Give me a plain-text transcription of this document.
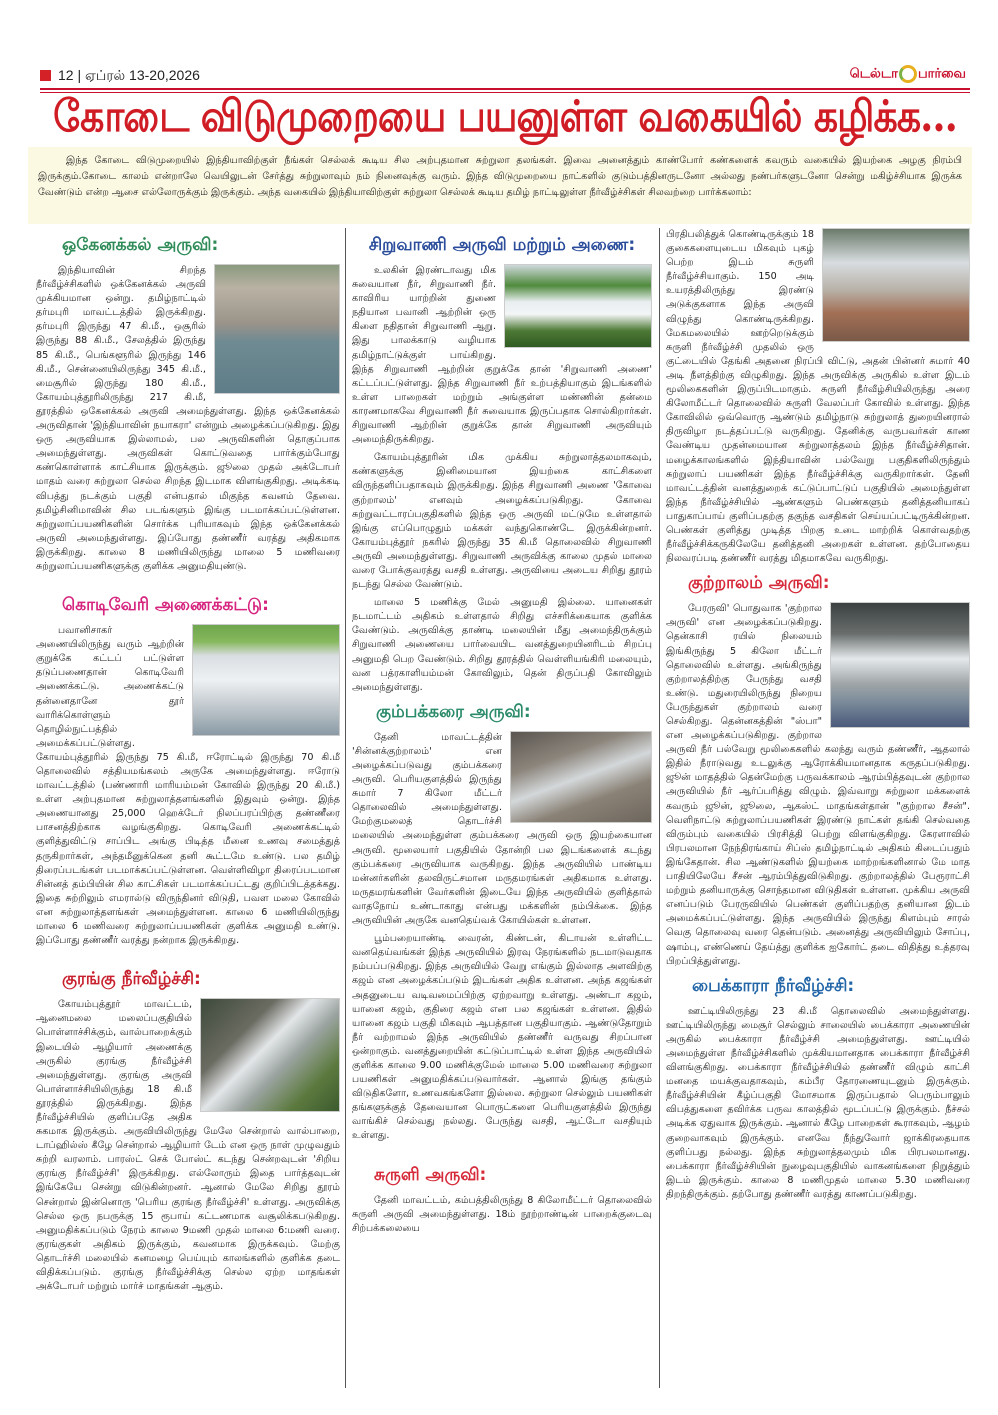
12 | ஏப்ரல் 13-20,2026	டெல்டா பார்வை
கோடை விடுமுறையை பயனுள்ள வகையில் கழிக்க...

இந்த கோடை விடுமுறையில் இந்தியாவிற்குள் நீங்கள் செல்லக் கூடிய சில அற்புதமான சுற்றுலா தலங்கள். இவை அனைத்தும் காண்போர் கண்களைக் கவரும் வகையில் இயற்கை அழகு நிரம்பி இருக்கும்.கோடை காலம் என்றாலே வெயிலுடன் சேர்த்து சுற்றுலாவும் நம் நினைவுக்கு வரும். இந்த விடுமுறையை நாட்களில் குடும்பத்தினருடனோ அல்லது நண்பர்களுடனோ சென்று மகிழ்ச்சியாக இருக்க வேண்டும் என்ற ஆசை எல்லோருக்கும் இருக்கும். அந்த வகையில் இந்தியாவிற்குள் சுற்றுலா செல்லக் கூடிய தமிழ் நாட்டிலுள்ள நீர்வீழ்ச்சிகள் சிலவற்றை பார்க்கலாம்:

ஒகேனக்கல் அருவி:

இந்தியாவின் சிறந்த நீர்வீழ்ச்சிகளில் ஒக்கேனக்கல் அருவி முக்கியமான ஒன்று. தமிழ்நாட்டில் தர்மபுரி மாவட்டத்தில் இருக்கிறது. தர்மபுரி இருந்து 47 கி.மீ., ஒசூரில் இருந்து 88 கி.மீ., சேலத்தில் இருந்து 85 கி.மீ., பெங்களூரில் இருந்து 146 கி.மீ., சென்னையிலிருந்து 345 கி.மீ., மைசூரில் இருந்து 180 கி.மீ., கோயம்புத்தூரிலிருந்து 217 கி.மீ, தூரத்தில் ஒகேனக்கல் அருவி அமைந்துள்ளது. இந்த ஒக்கேனக்கல் அருவிதான் 'இந்தியாவின் நயாகரா' என்றும் அழைக்கப்படுகிறது. இது ஒரு அருவியாக இல்லாமல், பல அருவிகளின் தொகுப்பாக அமைந்துள்ளது. அருவிகள் கொட்டுவதை பார்க்கும்போது கண்கொள்ளாக் காட்சியாக இருக்கும். ஜூலை முதல் அக்டோபர் மாதம் வரை சுற்றுலா செல்ல சிறந்த இடமாக விளங்குகிறது. அடிக்கடி விபத்து நடக்கும் பகுதி என்பதால் மிகுந்த கவனம் தேவை. தமிழ்சினிமாவின் சில படங்களும் இங்கு படமாக்கப்பட்டுள்ளன. சுற்றுலாப்பயணிகளின் சொர்க்க புரியாகவும் இந்த ஒக்கேனக்கல் அருவி அமைந்துள்ளது. இப்போது தண்ணீர் வரத்து அதிகமாக இருக்கிறது. காலை 8 மணியிலிருந்து மாலை 5 மணிவரை சுற்றுலாப்பயணிகளுக்கு குளிக்க அனுமதியுண்டு.

கொடிவேரி அணைக்கட்டு:

பவானிசாகர் அணையிலிருந்து வரும் ஆற்றின் குறுக்கே கட்டப் பட்டுள்ள தடுப்பணைதான் கொடிவேரி அணைக்கட்டு. அணைக்கட்டு தன்னைதானே தூர் வாரிக்கொள்ளும் தொழில்நுட்பத்தில் அமைக்கப்பட்டுள்ளது. கோயம்புத்தூரில் இருந்து 75 கி.மீ, ஈரோட்டில் இருந்து 70 கி.மீ தொலைவில் சத்தியமங்கலம் அருகே அமைந்துள்ளது. ஈரோடு மாவட்டத்தில் (பண்ணாரி மாரியம்மன் கோவில் இருந்து 20 கி.மீ.) உள்ள அற்புதமான சுற்றுலாத்தளங்களில் இதுவும் ஒன்று. இந்த அணையானது 25,000 ஹெக்டேர் நிலப்பரப்பிற்கு தண்ணீரை பாசனத்திற்காக வழங்குகிறது. கொடிவேரி அணைக்கட்டில் குளித்துவிட்டு சாப்பிட அங்கு பிடித்த மீனை உணவு சமைத்துத் தருகிறார்கள், அந்தமீனுக்கென தனி கூட்டமே உண்டு. பல தமிழ் திரைப்படங்கள் படமாக்கப்பட்டுள்ளன. வெள்ளிவிழா திரைப்படமான சின்னத் தம்பியின் சில காட்சிகள் படமாக்கப்பட்டது குறிப்பிடத்தக்கது. இதை சுற்றிலும் எமரால்டு விருந்தினர் விடுதி, பவள மலை கோவில் என சுற்றுலாத்தளங்கள் அமைந்துள்ளன. காலை 6 மணியிலிருந்து மாலை 6 மணிவரை சுற்றுலாப்பயணிகள் குளிக்க அனுமதி உண்டு. இப்போது தண்ணீர் வரத்து நன்றாக இருக்கிறது.

குரங்கு நீர்வீழ்ச்சி:

கோயம்புத்தூர் மாவட்டம், ஆனைமலை மலைப்பகுதியில் பொள்ளாச்சிக்கும், வால்பாறைக்கும் இடையில் ஆழியார் அணைக்கு அருகில் குரங்கு நீர்வீழ்ச்சி அமைந்துள்ளது. குரங்கு அருவி பொள்ளாச்சியிலிருந்து 18 கி.மீ தூரத்தில் இருக்கிறது. இந்த நீர்வீழ்ச்சியில் குளிப்பதே அதிக சுகமாக இருக்கும். அருவியிலிருந்து மேலே சென்றால் வால்பாறை, டாப்ஹில்ஸ் கீழே சென்றால் ஆழியார் டேம் என ஒரு நாள் முழுவதும் சுற்றி வரலாம். பாரஸ்ட் செக் போஸ்ட் கடந்து சென்றவுடன் 'சிறிய குரங்கு நீர்வீழ்ச்சி' இருக்கிறது. எல்லோரும் இதை பார்த்தவுடன் இங்கேயே சென்று விடுகின்றனர். ஆனால் மேலே சிறிது தூரம் சென்றால் இன்னொரு 'பெரிய குரங்கு நீர்வீழ்ச்சி' உள்ளது. அருவிக்கு செல்ல ஒரு நபருக்கு 15 ரூபாய் கட்டணமாக வசூலிக்கபடுகிறது. அனுமதிக்கப்படும் நேரம் காலை 9மணி முதல் மாலை 6:மணி வரை. குரங்குகள் அதிகம் இருக்கும், கவனமாக இருக்கவும். மேற்கு தொடர்ச்சி மலையில் கனமழை பெய்யும் காலங்களில் குளிக்க தடை விதிக்கப்படும். குரங்கு நீர்வீழ்ச்சிக்கு செல்ல ஏற்ற மாதங்கள் அக்டோபர் மற்றும் மார்ச் மாதங்கள் ஆகும்.

சிறுவாணி அருவி மற்றும் அணை:

உலகின் இரண்டாவது மிக சுவையான நீர், சிறுவாணி நீர். காவிரிய யாற்றின் துணை நதியான பவானி ஆற்றின் ஒரு கிளை நதிதான் சிறுவாணி ஆறு. இது பாலக்காடு வழியாக தமிழ்நாட்டுக்குள் பாய்கிறது. இந்த சிறுவாணி ஆற்றின் குறுக்கே தான் 'சிறுவாணி அணை' கட்டப்பட்டுள்ளது. இந்த சிறுவாணி நீர் உற்பத்தியாகும் இடங்களில் உள்ள பாறைகள் மற்றும் அங்குள்ள மண்ணின் தன்மை காரணமாகவே சிறுவாணி நீர் சுவையாக இருப்பதாக சொல்கிறார்கள். சிறுவாணி ஆற்றின் குறுக்கே தான் சிறுவாணி அருவியும் அமைந்திருக்கிறது.

கோயம்புத்தூரின் மிக முக்கிய சுற்றுலாத்தலமாகவும், கண்களுக்கு இனிமையான இயற்கை காட்சிகளை விருந்தளிப்பதாகவும் இருக்கிறது. இந்த சிறுவாணி அணை 'கோவை குற்றாலம்' எனவும் அழைக்கப்படுகிறது. கோவை சுற்றுவட்டாரப்பகுதிகளில் இந்த ஒரு அருவி மட்டுமே உள்ளதால் இங்கு எப்பொழுதும் மக்கள் வந்துகொண்டே இருக்கின்றனர். கோயம்புத்தூர் நகரில் இருந்து 35 கி.மீ தொலைவில் சிறுவாணி அருவி அமைந்துள்ளது. சிறுவாணி அருவிக்கு காலை முதல் மாலை வரை போக்குவரத்து வசதி உள்ளது. அருவியை அடைய சிறிது தூரம் நடந்து செல்ல வேண்டும்.

மாலை 5 மணிக்கு மேல் அனுமதி இல்லை. யானைகள் நடமாட்டம் அதிகம் உள்ளதால் சிறிது எச்சரிக்கையாக குளிக்க வேண்டும். அருவிக்கு தாண்டி மலையின் மீது அமைந்திருக்கும் சிறுவாணி அணையை பார்வையிட வனத்துறையினரிடம் சிறப்பு அனுமதி பெற வேண்டும். சிறிது தூரத்தில் வெள்ளியங்கிரி மலையும், வன பத்ரகாளியம்மன் கோவிலும், தென் திருப்பதி கோவிலும் அமைந்துள்ளது.

கும்பக்கரை அருவி:

தேனி மாவட்டத்தின் 'சின்னக்குற்றாலம்' என அழைக்கப்படுவது கும்பக்கரை அருவி. பெரியகுளத்தில் இருந்து சுமார் 7 கிலோ மீட்டர் தொலைவில் அமைந்துள்ளது. மேற்குமலைத் தொடர்ச்சி மலையில் அமைந்துள்ள கும்பக்கரை அருவி ஒரு இயற்கையான அருவி. மூலையார் பகுதியில் தோன்றி பல இடங்களைக் கடந்து கும்பக்கரை அருவியாக வருகிறது. இந்த அருவியில் பாண்டிய மன்னர்களின் தலவிருட்சமான மருதமரங்கள் அதிகமாக உள்ளது. மருதமரங்களின் வேர்களின் இடையே இந்த அருவியில் குளித்தால் வாதநோய் உண்டாகாது என்பது மக்களின் நம்பிக்கை. இந்த அருவியின் அருகே வனதெய்வக் கோயில்கள் உள்ளன.

பூம்பறையாண்டி வைரன், கிண்டன், கிடாயன் உள்ளிட்ட வனதெய்வங்கள் இந்த அருவியில் இரவு நேரங்களில் நடமாடுவதாக நம்பப்படுகிறது. இந்த அருவியில் வேறு எங்கும் இல்லாத அளவிற்கு கஜம் என அழைக்கப்படும் இடங்கள் அதிக உள்ளன. அந்த கஜங்கள் அதனுடைய வடிவமைப்பிற்கு ஏற்றவாறு உள்ளது. அண்டா கஜம், யானை கஜம், குதிரை கஜம் என பல கஜங்கள் உள்ளன. இதில் யானை கஜம் பகுதி மிகவும் ஆபத்தான பகுதியாகும். ஆண்டுதோறும் நீர் வற்றாமல் இந்த அருவியில் தண்ணீர் வருவது சிறப்பான ஒன்றாகும். வனத்துறையின் கட்டுப்பாட்டில் உள்ள இந்த அருவியில் குளிக்க காலை 9.00 மணிக்குமேல் மாலை 5.00 மணிவரை சுற்றுலா பயணிகள் அனுமதிக்கப்படுவார்கள். ஆனால் இங்கு தங்கும் விடுதிகளோ, உணவகங்களோ இல்லை. சுற்றுலா செல்லும் பயணிகள் தங்களுக்குத் தேவையான பொருட்களை பெரியகுளத்தில் இருந்து வாங்கிச் செல்வது நல்லது. பேருந்து வசதி, ஆட்டோ வசதியும் உள்ளது.

சுருளி அருவி:

தேனி மாவட்டம், கம்பத்திலிருந்து 8 கிலோமீட்டர் தொலைவில் சுருளி அருவி அமைந்துள்ளது. 18ம் நூற்றாண்டின் பாறைக்குடைவு சிற்பக்கலையை

பிரதிபலித்துக் கொண்டிருக்கும் 18 குகைகளையுடைய மிகவும் புகழ் பெற்ற இடம் சுருளி நீர்வீழ்ச்சியாகும். 150 அடி உயரத்திலிருந்து இரண்டு அடுக்குகளாக இந்த அருவி விழுந்து கொண்டிருக்கிறது. மேகமலையில் ஊற்றெடுக்கும் சுருளி நீர்வீழ்ச்சி முதலில் ஒரு குட்டையில் தேங்கி அதனை நிரப்பி விட்டு, அதன் பின்னர் சுமார் 40 அடி நீளத்திற்கு விழுகிறது. இந்த அருவிக்கு அருகில் உள்ள இடம் மூலிகைகளின் இருப்பிடமாகும். சுருளி நீர்வீழ்சியிலிருந்து அரை கிலோமீட்டர் தொலைவில் சுருளி வேலப்பர் கோவில் உள்ளது. இந்த கோவிலில் ஒவ்வொரு ஆண்டும் தமிழ்நாடு சுற்றுலாத் துறையினரால் திருவிழா நடத்தப்பட்டு வருகிறது. தேனிக்கு வருபவர்கள் காண வேண்டிய முதன்மையான சுற்றுலாத்தலம் இந்த நீர்வீழ்ச்சிதான். மழைக்காலங்களில் இந்தியாவின் பல்வேறு பகுதிகளிலிருந்தும் சுற்றுலாப் பயணிகள் இந்த நீர்வீழ்ச்சிக்கு வருகிறார்கள். தேனி மாவட்டத்தின் வனத்துறைக் கட்டுப்பாட்டுப் பகுதியில் அமைந்துள்ள இந்த நீர்வீழ்ச்சியில் ஆண்களும் பெண்களும் தனித்தனியாகப் பாதுகாப்பாய் குளிப்பதற்கு தகுந்த வசதிகள் செய்யப்பட்டிருக்கின்றன. பெண்கள் குளித்து முடித்த பிறகு உடை மாற்றிக் கொள்வதற்கு நீர்வீழ்ச்சிக்கருகிலேயே தனித்தனி அறைகள் உள்ளன. தற்போதைய நிலவரப்படி தண்ணீர் வரத்து மிதமாகவே வருகிறது.

குற்றாலம் அருவி:

பேரருவி' பொதுவாக 'குற்றால அருவி' என அழைக்கப்படுகிறது. தென்காசி ரயில் நிலையம் இங்கிருந்து 5 கிலோ மீட்டர் தொலைவில் உள்ளது. அங்கிருந்து குற்றாலத்திற்கு பேருந்து வசதி உண்டு. மதுரையிலிருந்து நிறைய பேருந்துகள் குற்றாலம் வரை செல்கிறது. தென்னகத்தின் "ஸ்பா" என அழைக்கப்படுகிறது. குற்றால அருவி நீர் பல்வேறு மூலிகைகளில் கலந்து வரும் தண்ணீர், ஆதலால் இதில் நீராடுவது உடலுக்கு ஆரோக்கியமானதாக கருதப்படுகிறது. ஜூன் மாதத்தில் தென்மேற்கு பருவக்காலம் ஆரம்பித்தவுடன் குற்றால அருவியில் நீர் ஆர்ப்பரித்து விழும். இவ்வாறு சுற்றுலா மக்களைக் கவரும் ஜூன், ஜூலை, ஆகஸ்ட் மாதங்கள்தான் "குற்றால சீசன்". வெளிநாட்டு சுற்றுலாப்பயணிகள் இரண்டு நாட்கள் தங்கி செல்வதை விரும்பும் வகையில் பிரசித்தி பெற்று விளங்குகிறது. கேரளாவில் பிரபலமான நேந்திரங்காய் சிப்ஸ் தமிழ்நாட்டில் அதிகம் கிடைப்பதும் இங்கேதான். சில ஆண்டுகளில் இயற்கை மாற்றங்களினால் மே மாத பாதியிலேயே சீசன் ஆரம்பித்துவிடுகிறது. குற்றாலத்தில் பேரூராட்சி மற்றும் தனியாருக்கு சொந்தமான விடுதிகள் உள்ளன. முக்கிய அருவி எனப்படும் பேரருவியில் பெண்கள் குளிப்பதற்கு தனியான இடம் அமைக்கப்பட்டுள்ளது. இந்த அருவியில் இருந்து கிளம்பும் சாரல் வெகு தொலைவு வரை தென்படும். அனைத்து அருவியிலும் சோப்பு, ஷாம்பு, எண்ணெய் தேய்த்து குளிக்க ஐகோர்ட் தடை விதித்து உத்தரவு பிறப்பித்துள்ளது.

பைக்காரா நீர்வீழ்ச்சி:

ஊட்டியிலிருந்து 23 கி.மீ தொலைவில் அமைந்துள்ளது. ஊட்டியிலிருந்து மைசூர் செல்லும் சாலையில் பைக்காரா அணையின் அருகில் பைக்காரா நீர்வீழ்ச்சி அமைந்துள்ளது. ஊட்டியில் அமைந்துள்ள நீர்வீழ்ச்சிகளில் முக்கியமானதாக பைக்காரா நீர்வீழ்ச்சி விளங்குகிறது. பைக்காரா நீர்வீழ்ச்சியில் தண்ணீர் விழும் காட்சி மனதை மயக்குவதாகவும், கம்பீர தோரணையுடனும் இருக்கும். நீர்வீழ்ச்சியின் கீழ்ப்பகுதி மோசமாக இருப்பதால் பெரும்பாலும் விபத்துகளை தவிர்க்க பருவ காலத்தில் மூடப்பட்டு இருக்கும். நீச்சல் அடிக்க ஏதுவாக இருக்கும். ஆனால் கீழே பாறைகள் கூராகவும், ஆழம் குறைவாகவும் இருக்கும். எனவே நீந்துவோர் ஜாக்கிரதையாக குளிப்பது நல்லது. இந்த சுற்றுலாத்தலமும் மிக பிரபலமானது. பைக்காரா நீர்வீழ்ச்சியின் நுழைவுபகுதியில் வாகனங்களை நிறுத்தும் இடம் இருக்கும். காலை 8 மணிமுதல் மாலை 5.30 மணிவரை திறந்திருக்கும். தற்போது தண்ணீர் வரத்து காணப்படுகிறது.
